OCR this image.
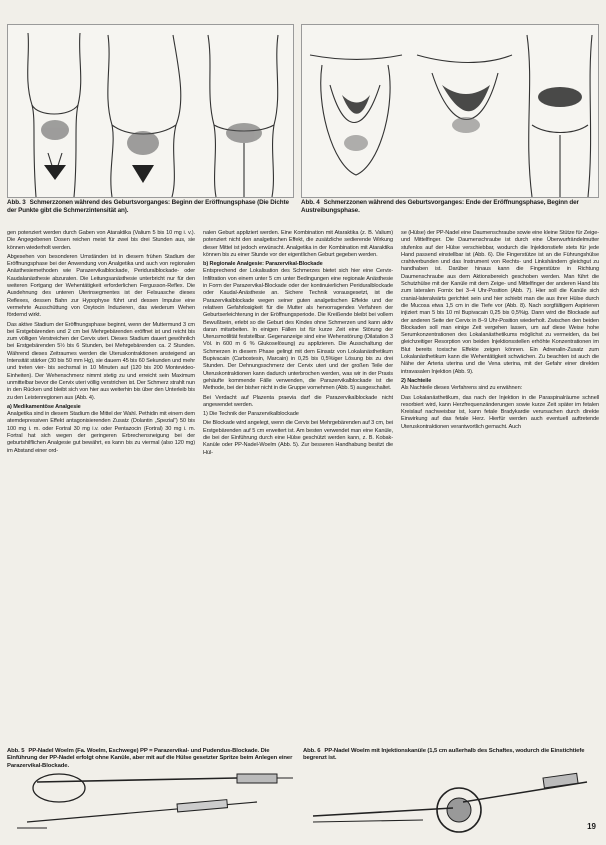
Abb. 3 Schmerzzonen während des Geburtsvorganges: Beginn der Eröffnungsphase (Die Dichte der Punkte gibt die Schmerzintensität an).
Abb. 4 Schmerzzonen während des Geburtsvorganges: Ende der Eröffnungsphase, Beginn der Austreibungsphase.

gen potenziert werden durch Gaben von Ataraktika (Valium 5 bis 10 mg i. v.). Die Angegebenen Dosen reichen meist für zwei bis drei Stunden aus, sie können wiederholt werden.

Abgesehen von besonderen Umständen ist in diesem frühen Stadium der Eröffnungsphase bei der Anwendung von Analgetika und auch von regionalen Anästhesiemethoden wie Parazervikalblockade, Periduralblockade- oder Kaudalanästhesie abzuraten. Die Leitungsanästhesie unterbricht nur für den weiteren Fortgang der Wehentätigkeit erforderlichen Fergusson-Reflex. Die Ausdehnung des unteren Uterinsegmentes ist der Felsuasche dieses Reflexes, dessen Bahn zur Hypophyse führt und dessen Impulse eine vermehrte Ausschüttung von Oxytocin Induzieren, das wiederum Wehen fördernd wirkt.

Das aktive Stadium der Eröffnungsphase beginnt, wenn der Muttermund 3 cm bei Erstgebärenden und 2 cm bei Mehrgebärenden eröffnet ist und reicht bis zum völligen Verstreichen der Cervix uteri. Dieses Stadium dauert gewöhnlich bei Erstgebärenden 5½ bis 6 Stunden, bei Mehrgebärenden ca. 2 Stunden. Während dieses Zeitraumes werden die Uteruskontraktionen ansteigend an Intensität stärker (30 bis 50 mm Hg), sie dauern 45 bis 60 Sekunden und mehr und treten vier- bis sechsmal in 10 Minuten auf (120 bis 200 Montevideo-Einheiten). Der Wehenschmerz nimmt stetig zu und erreicht sein Maximum unmittelbar bevor die Cervix uteri völlig verstrichen ist. Der Schmerz strahlt nun in den Rücken und bleibt sich von hier aus weiterhin bis über den Unterleib bis zu den Leistenregionen aus (Abb. 4).

a) Medikamentöse Analgesie

Analgetika sind in diesem Stadium die Mittel der Wahl. Pethidin mit einem dem atemdepressiven Effekt antagonisierenden Zusatz (Dolantin „Spezial“) 50 bis 100 mg i. m. oder Fortral 30 mg i.v. oder Pentazocin (Fortral) 30 mg i. m. Fortral hat sich wegen der geringeren Erbrechensneigung bei der geburtshilflichen Analgesie gut bewährt, es kann bis zu viermal (also 120 mg) im Abstand einer ord-

nalen Geburt appliziert werden. Eine Kombination mit Ataraktika (z. B. Valium) potenziert nicht den analgetischen Effekt, die zusätzliche sedierende Wirkung dieser Mittel ist jedoch erwünscht. Analgetika in der Kombination mit Ataraktika können bis zu einer Stunde vor der eigentlichen Geburt gegeben werden.

b) Regionale Analgesie: Parazervikal-Blockade

Entsprechend der Lokalisation des Schmerzes bietet sich hier eine Cervix-Infiltration von einem unter 5 cm unter Bedingungen eine regionale Anästhesie in Form der Parazervikal-Blockade oder der kontinuierlichen Periduralblockade oder Kaudal-Anästhesie an. Sichere Technik vorausgesetzt, ist die Parazervikalblockade wegen seiner guten analgetischen Effekte und der relativen Gefahrlosigkeit für die Mutter als hervorragendes Verfahren der Geburtserleichterung in der Eröffnungsperiode. Die Kreißende bleibt bei vollem Bewußtsein, erlebt so die Geburt des Kindes ohne Schmerzen und kann aktiv daran mitarbeiten. In einigen Fällen ist für kurze Zeit eine Störung der Uterusmotilität feststellbar. Gegenanzeige sind eine Wehenstörung (Dilatation 3 Völ. in 600 m 6 % Glukoselösung) zu applizieren. Die Ausschaltung der Schmerzen in diesem Phase gelingt mit dem Einsatz von Lokalanästhetikum Bupivacain (Carbostesin, Marcain) in 0,25 bis 0,5%iger Lösung bis zu drei Stunden. Der Dehnungsschmerz der Cervix uteri und der großen Teile der Uteruskontraktionen kann dadurch unterbrochen werden, was wir in der Praxis gehäufte kommende Fälle verwenden, die Parazervikalblockade ist die Methode, bei der bisher nicht in die Gruppe vornehmen (Abb. 5) ausgeschaltet.

Bei Verdacht auf Plazenta praevia darf die Parazervikalblockade nicht angewendet werden.

1) Die Technik der Parazervikalblockade

Die Blockade wird angelegt, wenn die Cervix bei Mehrgebärenden auf 3 cm, bei Erstgebärenden auf 5 cm erweitert ist. Am besten verwendet man eine Kanüle, die bei der Einführung durch eine Hülse geschützt werden kann, z. B. Kobak-Kanüle oder PP-Nadel-Woelm (Abb. 5). Zur besseren Handhabung besitzt die Hül-

se (Hülse) der PP-Nadel eine Daumenschraube sowie eine kleine Stütze für Zeige- und Mittelfinger. Die Daumenschraube ist durch eine Überwurfrändelmutter stufenlos auf der Hülse verschiebbar, wodurch die Injektionstiefe stets für jede Hand passend einstellbar ist (Abb. 6). Die Fingerstütze ist an die Führungshülse crahtverbunden und das Instrument von Rechts- und Linkshändern gleichgut zu handhaben ist. Darüber hinaus kann die Fingerstütze in Richtung Daumenschraube aus dem Aktionsbereich geschoben werden. Man führt die Schutzhülse mit der Kanüle mit dem Zeige- und Mittelfinger der anderen Hand bis zum lateralen Fornix bei 3–4 Uhr-Position (Abb. 7). Hier soll die Kanüle sich cranial-lateralwärts gerichtet sein und hier schiebt man die aus ihrer Hülse durch die Mucosa etwa 1,5 cm in die Tiefe vor (Abb. 8). Nach sorgfältigem Aspirieren injiziert man 5 bis 10 ml Bupivacain 0,25 bis 0,5%ig. Dann wird die Blockade auf der anderen Seite der Cervix in 8–9 Uhr-Position wiederholt. Zwischen den beiden Blockaden soll man einige Zeit vergehen lassen, um auf diese Weise hohe Serumkonzentrationen des Lokalanästhetikums möglichst zu vermeiden, da bei gleichzeitiger Resorption von beiden Injektionsstellen erhöhte Konzentrationen im Blut bereits toxische Effekte zeigen können. Ein Adrenalin-Zusatz zum Lokalanästhetikum kann die Wehentätigkeit schwächen. Zu beachten ist auch die Nähe der Arteria uterina und die Vena uterina, mit der Gefahr einer direkten intravasalen Injektion (Abb. 9).

2) Nachteile

Als Nachteile dieses Verfahrens sind zu erwähnen:

Das Lokalanästhetikum, das nach der Injektion in die Paraspinalräume schnell resorbiert wird, kann Herzfrequenzänderungen sowie kurze Zeit später im fetalen Kreislauf nachweisbar ist, kann fetale Bradykardie verursachen durch direkte Einwirkung auf das fetale Herz. Hierfür werden auch eventuell auftretende Uteruskontraktionen verantwortlich gemacht. Auch

Abb. 5 PP-Nadel Woelm (Fa. Woelm, Eschwege) PP = Parazervikal- und Pudendus-Blockade. Die Einführung der PP-Nadel erfolgt ohne Kanüle, aber mit auf die Hülse gesetzter Spritze beim Anlegen einer Parazervikal-Blockade.
Abb. 6 PP-Nadel Woelm mit Injektionskanüle (1,5 cm außerhalb des Schaftes, wodurch die Einstichtiefe begrenzt ist.
19
